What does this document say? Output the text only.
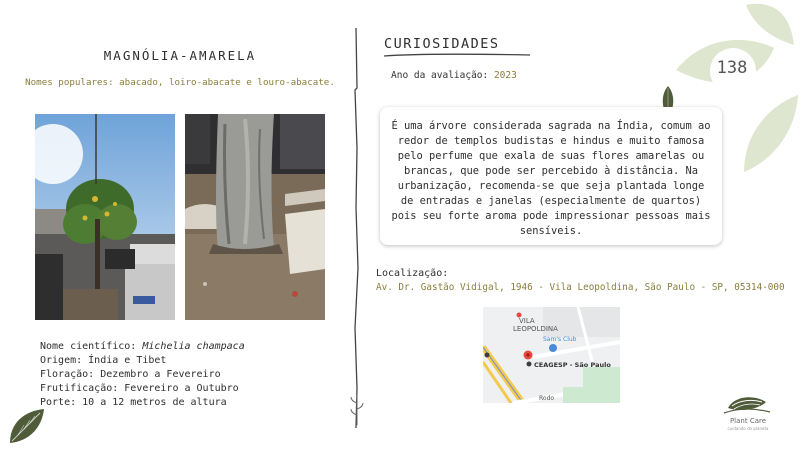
MAGNÓLIA-AMARELA
Nomes populares: abacado, loiro-abacate e louro-abacate.
Nome científico: Michelia champaca
Origem: Índia e Tibet
Floração: Dezembro a Fevereiro
Frutificação: Fevereiro a Outubro
Porte: 10 a 12 metros de altura
CURIOSIDADES
Ano da avaliação: 2023	138

É uma árvore considerada sagrada na Índia, comum ao redor de templos budistas e hindus e muito famosa pelo perfume que exala de suas flores amarelas ou brancas, que pode ser percebido à distância. Na urbanização, recomenda-se que seja plantada longe de entradas e janelas (especialmente de quartos) pois seu forte aroma pode impressionar pessoas mais sensíveis.

Localização:
Av. Dr. Gastão Vidigal, 1946 - Vila Leopoldina, São Paulo - SP, 05314-000
VILA
LEOPOLDINA
Sam's Club
CEAGESP - São Paulo
Rodo
Plant Care
cuidando do planeta
